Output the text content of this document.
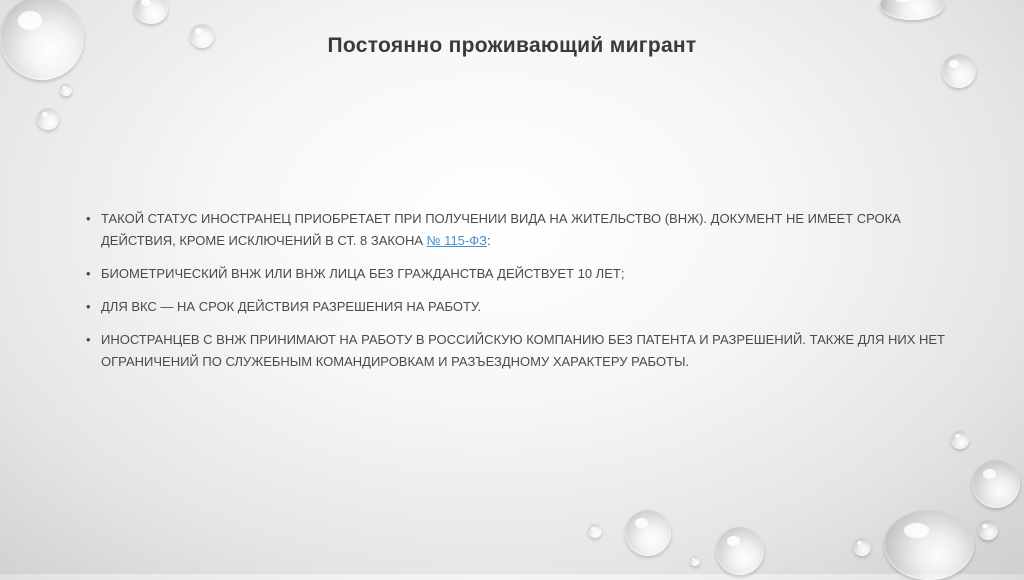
Постоянно проживающий мигрант
• ТАКОЙ СТАТУС ИНОСТРАНЕЦ ПРИОБРЕТАЕТ ПРИ ПОЛУЧЕНИИ ВИДА НА ЖИТЕЛЬСТВО (ВНЖ). ДОКУМЕНТ НЕ ИМЕЕТ СРОКА ДЕЙСТВИЯ, КРОМЕ ИСКЛЮЧЕНИЙ В СТ. 8 ЗАКОНА № 115-ФЗ:
• БИОМЕТРИЧЕСКИЙ ВНЖ ИЛИ ВНЖ ЛИЦА БЕЗ ГРАЖДАНСТВА ДЕЙСТВУЕТ 10 ЛЕТ;
• ДЛЯ ВКС — НА СРОК ДЕЙСТВИЯ РАЗРЕШЕНИЯ НА РАБОТУ.
• ИНОСТРАНЦЕВ С ВНЖ ПРИНИМАЮТ НА РАБОТУ В РОССИЙСКУЮ КОМПАНИЮ БЕЗ ПАТЕНТА И РАЗРЕШЕНИЙ. ТАКЖЕ ДЛЯ НИХ НЕТ ОГРАНИЧЕНИЙ ПО СЛУЖЕБНЫМ КОМАНДИРОВКАМ И РАЗЪЕЗДНОМУ ХАРАКТЕРУ РАБОТЫ.
